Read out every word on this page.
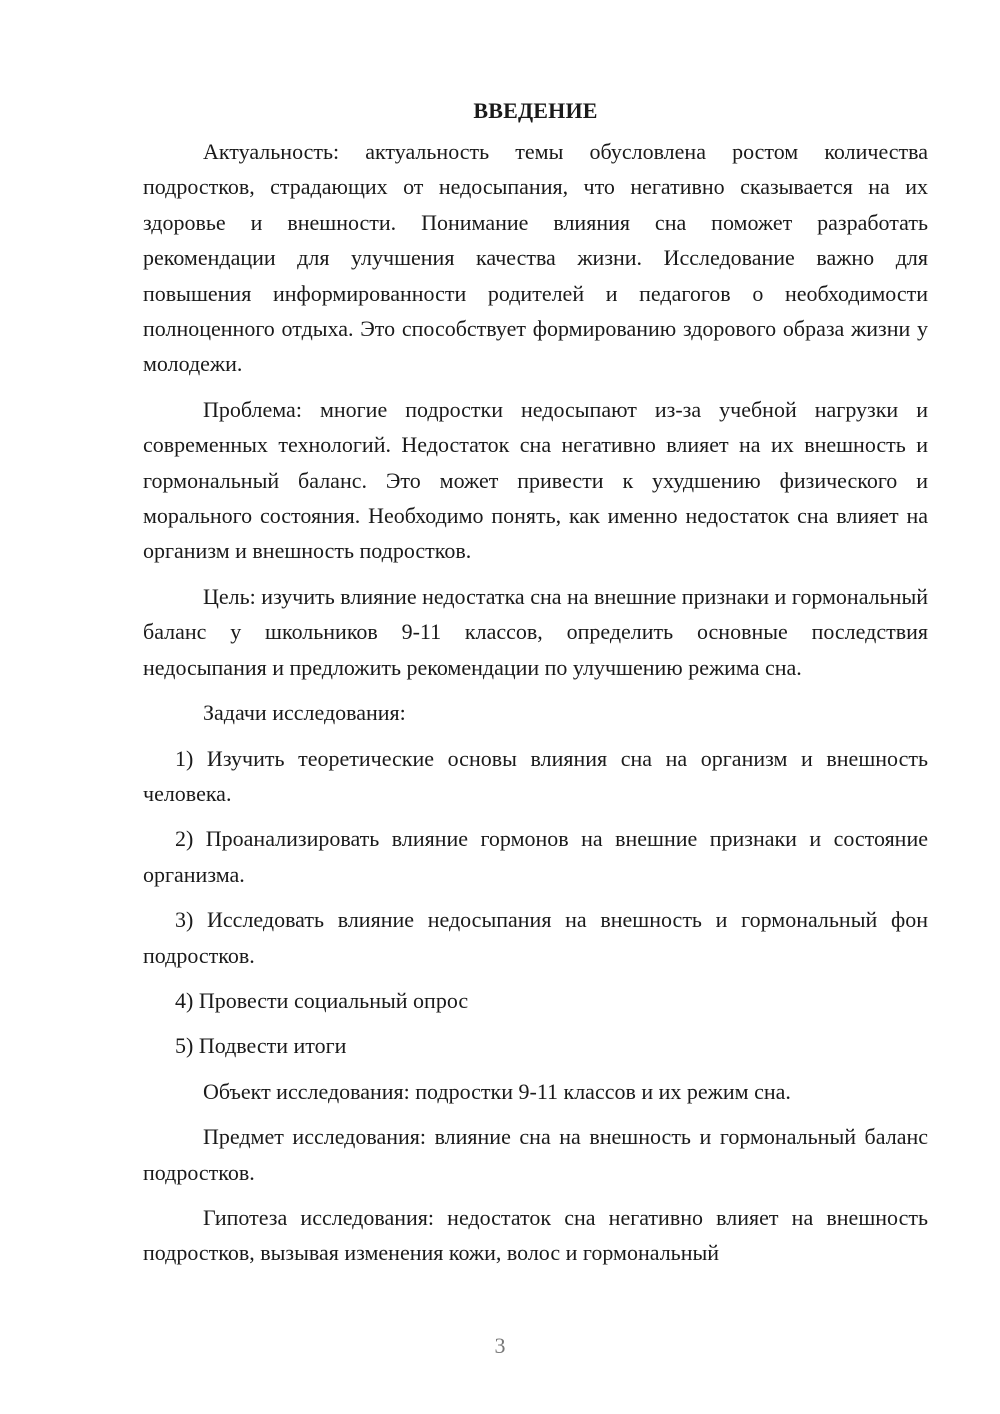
ВВЕДЕНИЕ

Актуальность: актуальность темы обусловлена ростом количества подростков, страдающих от недосыпания, что негативно сказывается на их здоровье и внешности. Понимание влияния сна поможет разработать рекомендации для улучшения качества жизни. Исследование важно для повышения информированности родителей и педагогов о необходимости полноценного отдыха. Это способствует формированию здорового образа жизни у молодежи.

Проблема: многие подростки недосыпают из-за учебной нагрузки и современных технологий. Недостаток сна негативно влияет на их внешность и гормональный баланс. Это может привести к ухудшению физического и морального состояния. Необходимо понять, как именно недостаток сна влияет на организм и внешность подростков.

Цель: изучить влияние недостатка сна на внешние признаки и гормональный баланс у школьников 9-11 классов, определить основные последствия недосыпания и предложить рекомендации по улучшению режима сна.

Задачи исследования:

1) Изучить теоретические основы влияния сна на организм и внешность человека.

2) Проанализировать влияние гормонов на внешние признаки и состояние организма.

3) Исследовать влияние недосыпания на внешность и гормональный фон подростков.

4) Провести социальный опрос

5) Подвести итоги

Объект исследования: подростки 9-11 классов и их режим сна.

Предмет исследования: влияние сна на внешность и гормональный баланс подростков.

Гипотеза исследования: недостаток сна негативно влияет на внешность подростков, вызывая изменения кожи, волос и гормональный

3
